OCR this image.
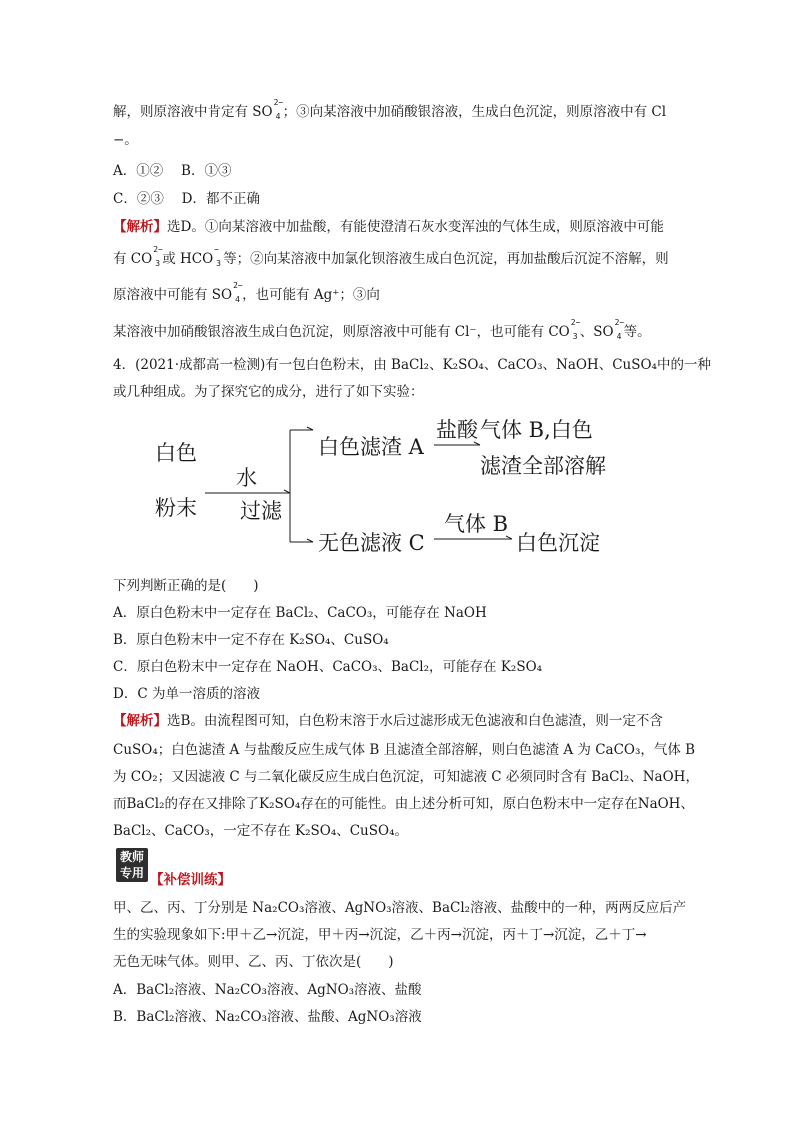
解，则原溶液中肯定有 SO
2−
4 ；③向某溶液中加硝酸银溶液，生成白色沉淀，则原溶液中有 Cl
−。
A．①②　 B．①③
C．②③　 D．都不正确
【解析】选D。①向某溶液中加盐酸，有能使澄清石灰水变浑浊的气体生成，则原溶液中可能
有 CO
2−
3 或 HCO
−
3 等；②向某溶液中加氯化钡溶液生成白色沉淀，再加盐酸后沉淀不溶解，则
原溶液中可能有 SO
2−
4 ，也可能有 Ag⁺；③向
某溶液中加硝酸银溶液生成白色沉淀，则原溶液中可能有 Cl⁻，也可能有 CO
2−
3 、SO
2−
4 等。
4．(2021·成都高一检测)有一包白色粉末，由 BaCl₂、K₂SO₄、CaCO₃、NaOH、CuSO₄中的一种
或几种组成。为了探究它的成分，进行了如下实验：
白色
粉末
水
过滤
白色滤渣 A
盐酸 气体 B,白色
滤渣全部溶解
无色滤液 C
气体 B
白色沉淀
下列判断正确的是(　　)
A．原白色粉末中一定存在 BaCl₂、CaCO₃，可能存在 NaOH
B．原白色粉末中一定不存在 K₂SO₄、CuSO₄
C．原白色粉末中一定存在 NaOH、CaCO₃、BaCl₂，可能存在 K₂SO₄
D．C 为单一溶质的溶液
【解析】选B。由流程图可知，白色粉末溶于水后过滤形成无色滤液和白色滤渣，则一定不含
CuSO₄；白色滤渣 A 与盐酸反应生成气体 B 且滤渣全部溶解，则白色滤渣 A 为 CaCO₃，气体 B
为 CO₂；又因滤液 C 与二氧化碳反应生成白色沉淀，可知滤液 C 必须同时含有 BaCl₂、NaOH，
而BaCl₂的存在又排除了K₂SO₄存在的可能性。由上述分析可知，原白色粉末中一定存在NaOH、
BaCl₂、CaCO₃，一定不存在 K₂SO₄、CuSO₄。
教师
专用 【补偿训练】
甲、乙、丙、丁分别是 Na₂CO₃溶液、AgNO₃溶液、BaCl₂溶液、盐酸中的一种，两两反应后产
生的实验现象如下:甲＋乙→沉淀，甲＋丙→沉淀，乙＋丙→沉淀，丙＋丁→沉淀，乙＋丁→
无色无味气体。则甲、乙、丙、丁依次是(　　)
A．BaCl₂溶液、Na₂CO₃溶液、AgNO₃溶液、盐酸
B．BaCl₂溶液、Na₂CO₃溶液、盐酸、AgNO₃溶液
